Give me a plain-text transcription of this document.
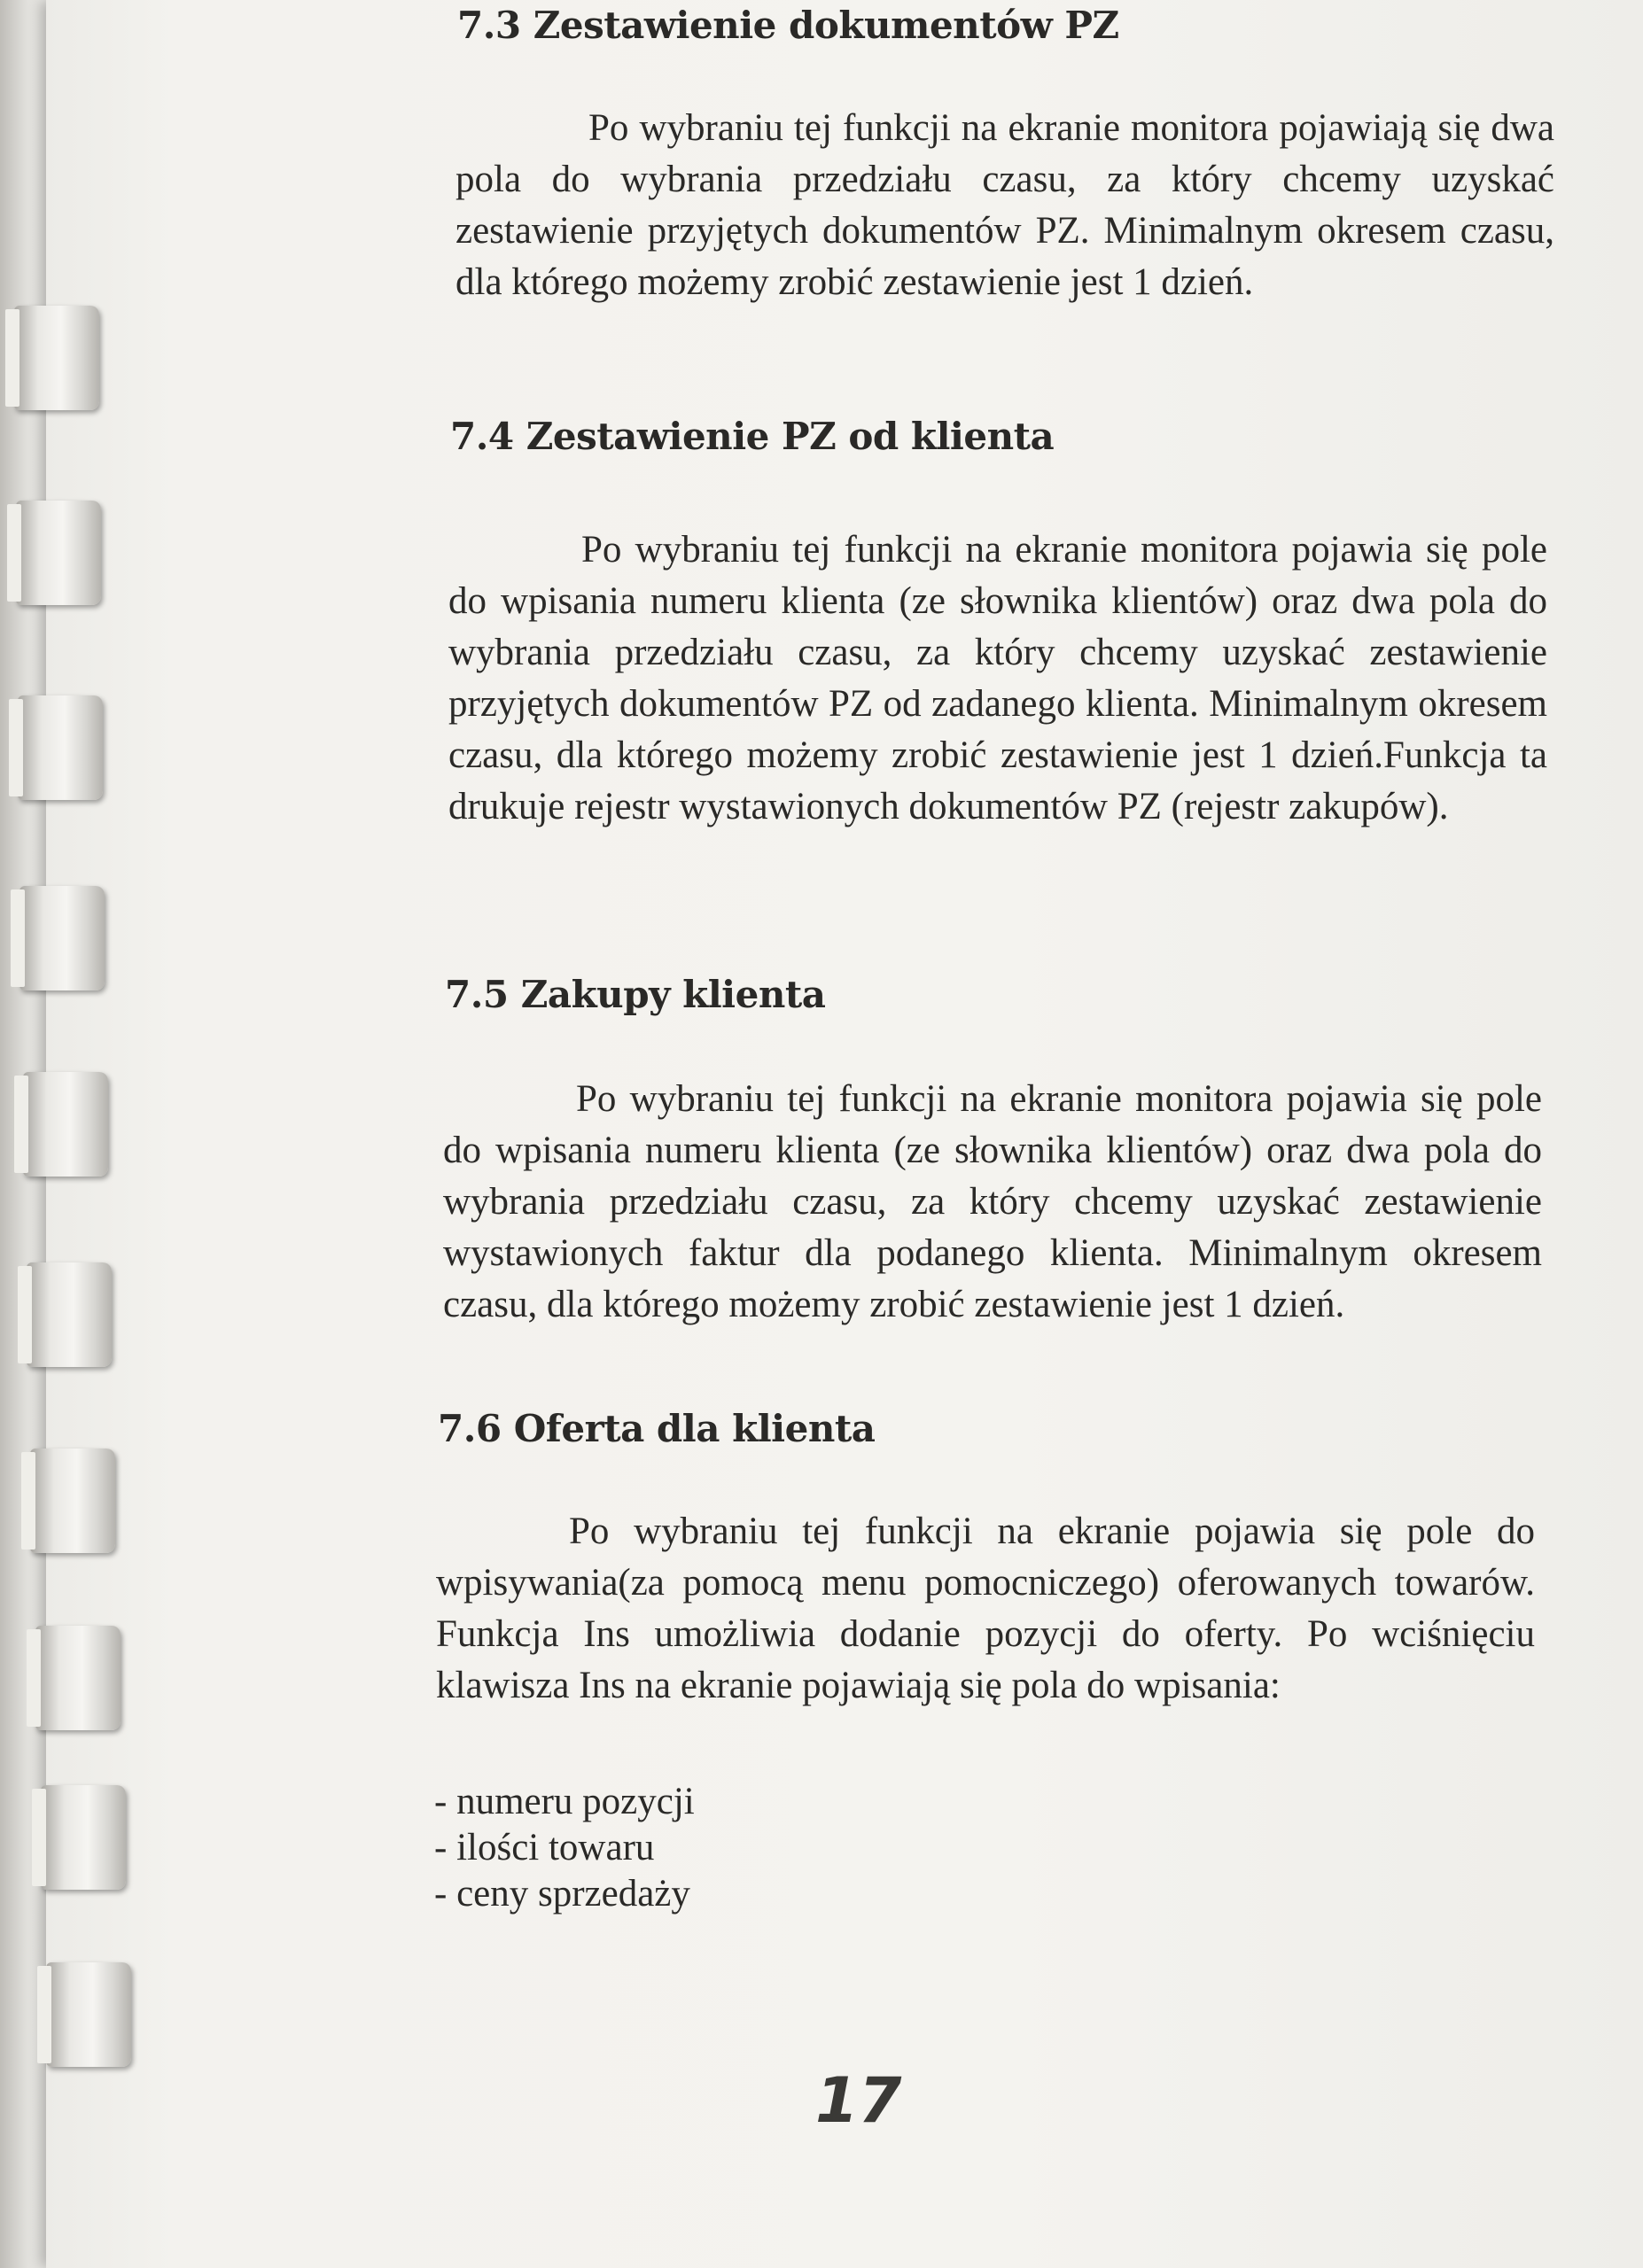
7.3 Zestawienie dokumentów PZ

Po wybraniu tej funkcji na ekranie monitora pojawiają się dwa pola do wybrania przedziału czasu, za który chcemy uzyskać zestawienie przyjętych dokumentów PZ. Minimalnym okresem czasu, dla którego możemy zrobić zestawienie jest 1 dzień.

7.4 Zestawienie PZ od klienta

Po wybraniu tej funkcji na ekranie monitora pojawia się pole do wpisania numeru klienta (ze słownika klientów) oraz dwa pola do wybrania przedziału czasu, za który chcemy uzyskać zestawienie przyjętych dokumentów PZ od zadanego klienta. Minimalnym okresem czasu, dla którego możemy zrobić zestawienie jest 1 dzień.Funkcja ta drukuje rejestr wystawionych dokumentów PZ (rejestr zakupów).

7.5 Zakupy klienta

Po wybraniu tej funkcji na ekranie monitora pojawia się pole do wpisania numeru klienta (ze słownika klientów) oraz dwa pola do wybrania przedziału czasu, za który chcemy uzyskać zestawienie wystawionych faktur dla podanego klienta. Minimalnym okresem czasu, dla którego możemy zrobić zestawienie jest 1 dzień.

7.6 Oferta dla klienta

Po wybraniu tej funkcji na ekranie pojawia się pole do wpisywania(za pomocą menu pomocniczego) oferowanych towarów. Funkcja Ins umożliwia dodanie pozycji do oferty. Po wciśnięciu klawisza Ins na ekranie pojawiają się pola do wpisania:

- numeru pozycji
- ilości towaru
- ceny sprzedaży
17
